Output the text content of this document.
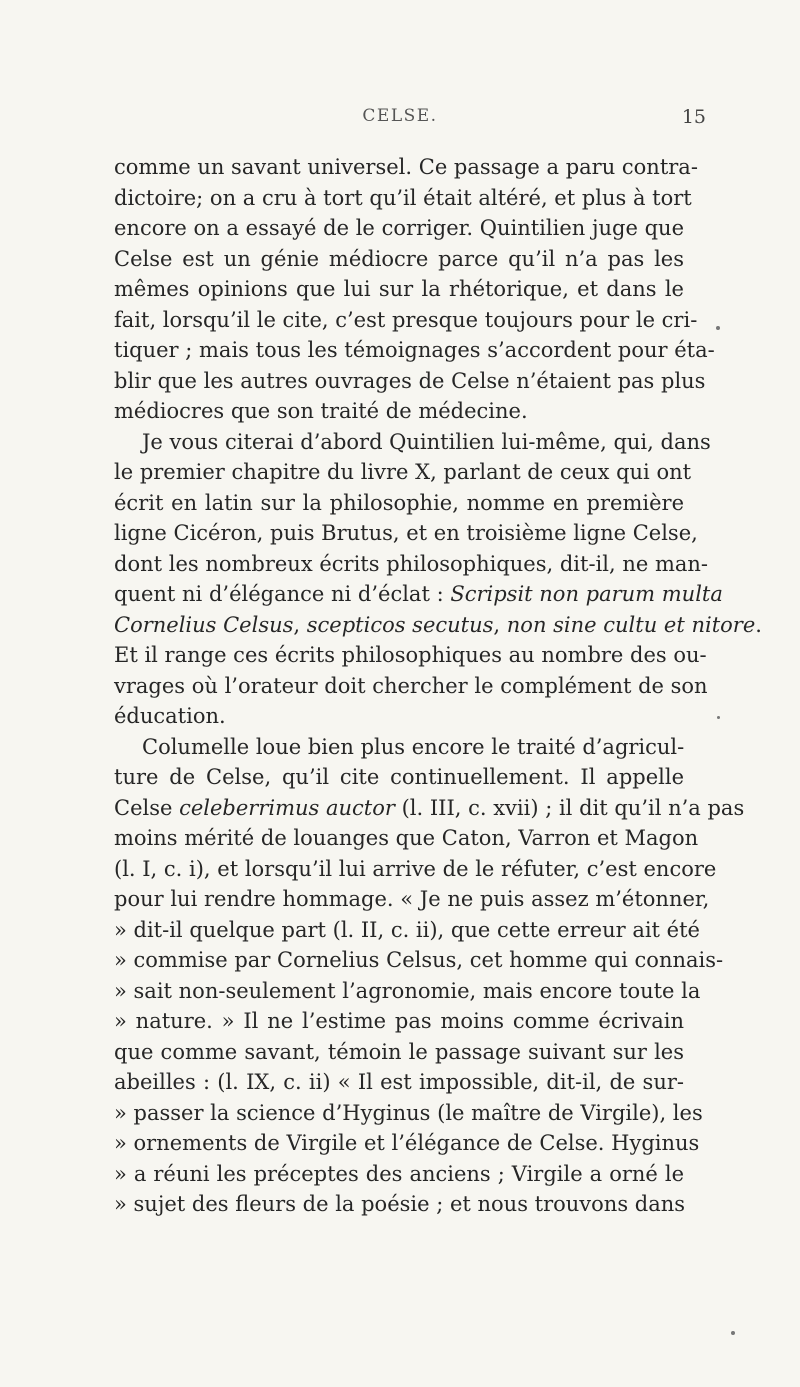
CELSE.	15
comme un savant universel. Ce passage a paru contra-
dictoire; on a cru à tort qu’il était altéré, et plus à tort
encore on a essayé de le corriger. Quintilien juge que
Celse est un génie médiocre parce qu’il n’a pas les
mêmes opinions que lui sur la rhétorique, et dans le
fait, lorsqu’il le cite, c’est presque toujours pour le cri-
tiquer ; mais tous les témoignages s’accordent pour éta-
blir que les autres ouvrages de Celse n’étaient pas plus
médiocres que son traité de médecine.
Je vous citerai d’abord Quintilien lui-même, qui, dans
le premier chapitre du livre X, parlant de ceux qui ont
écrit en latin sur la philosophie, nomme en première
ligne Cicéron, puis Brutus, et en troisième ligne Celse,
dont les nombreux écrits philosophiques, dit-il, ne man-
quent ni d’élégance ni d’éclat : Scripsit non parum multa
Cornelius Celsus, scepticos secutus, non sine cultu et nitore.
Et il range ces écrits philosophiques au nombre des ou-
vrages où l’orateur doit chercher le complément de son
éducation.
Columelle loue bien plus encore le traité d’agricul-
ture de Celse, qu’il cite continuellement. Il appelle
Celse celeberrimus auctor (l. III, c. xvii) ; il dit qu’il n’a pas
moins mérité de louanges que Caton, Varron et Magon
(l. I, c. i), et lorsqu’il lui arrive de le réfuter, c’est encore
pour lui rendre hommage. « Je ne puis assez m’étonner,
» dit-il quelque part (l. II, c. ii), que cette erreur ait été
» commise par Cornelius Celsus, cet homme qui connais-
» sait non-seulement l’agronomie, mais encore toute la
» nature. » Il ne l’estime pas moins comme écrivain
que comme savant, témoin le passage suivant sur les
abeilles : (l. IX, c. ii) « Il est impossible, dit-il, de sur-
» passer la science d’Hyginus (le maître de Virgile), les
» ornements de Virgile et l’élégance de Celse. Hyginus
» a réuni les préceptes des anciens ; Virgile a orné le
» sujet des fleurs de la poésie ; et nous trouvons dans
